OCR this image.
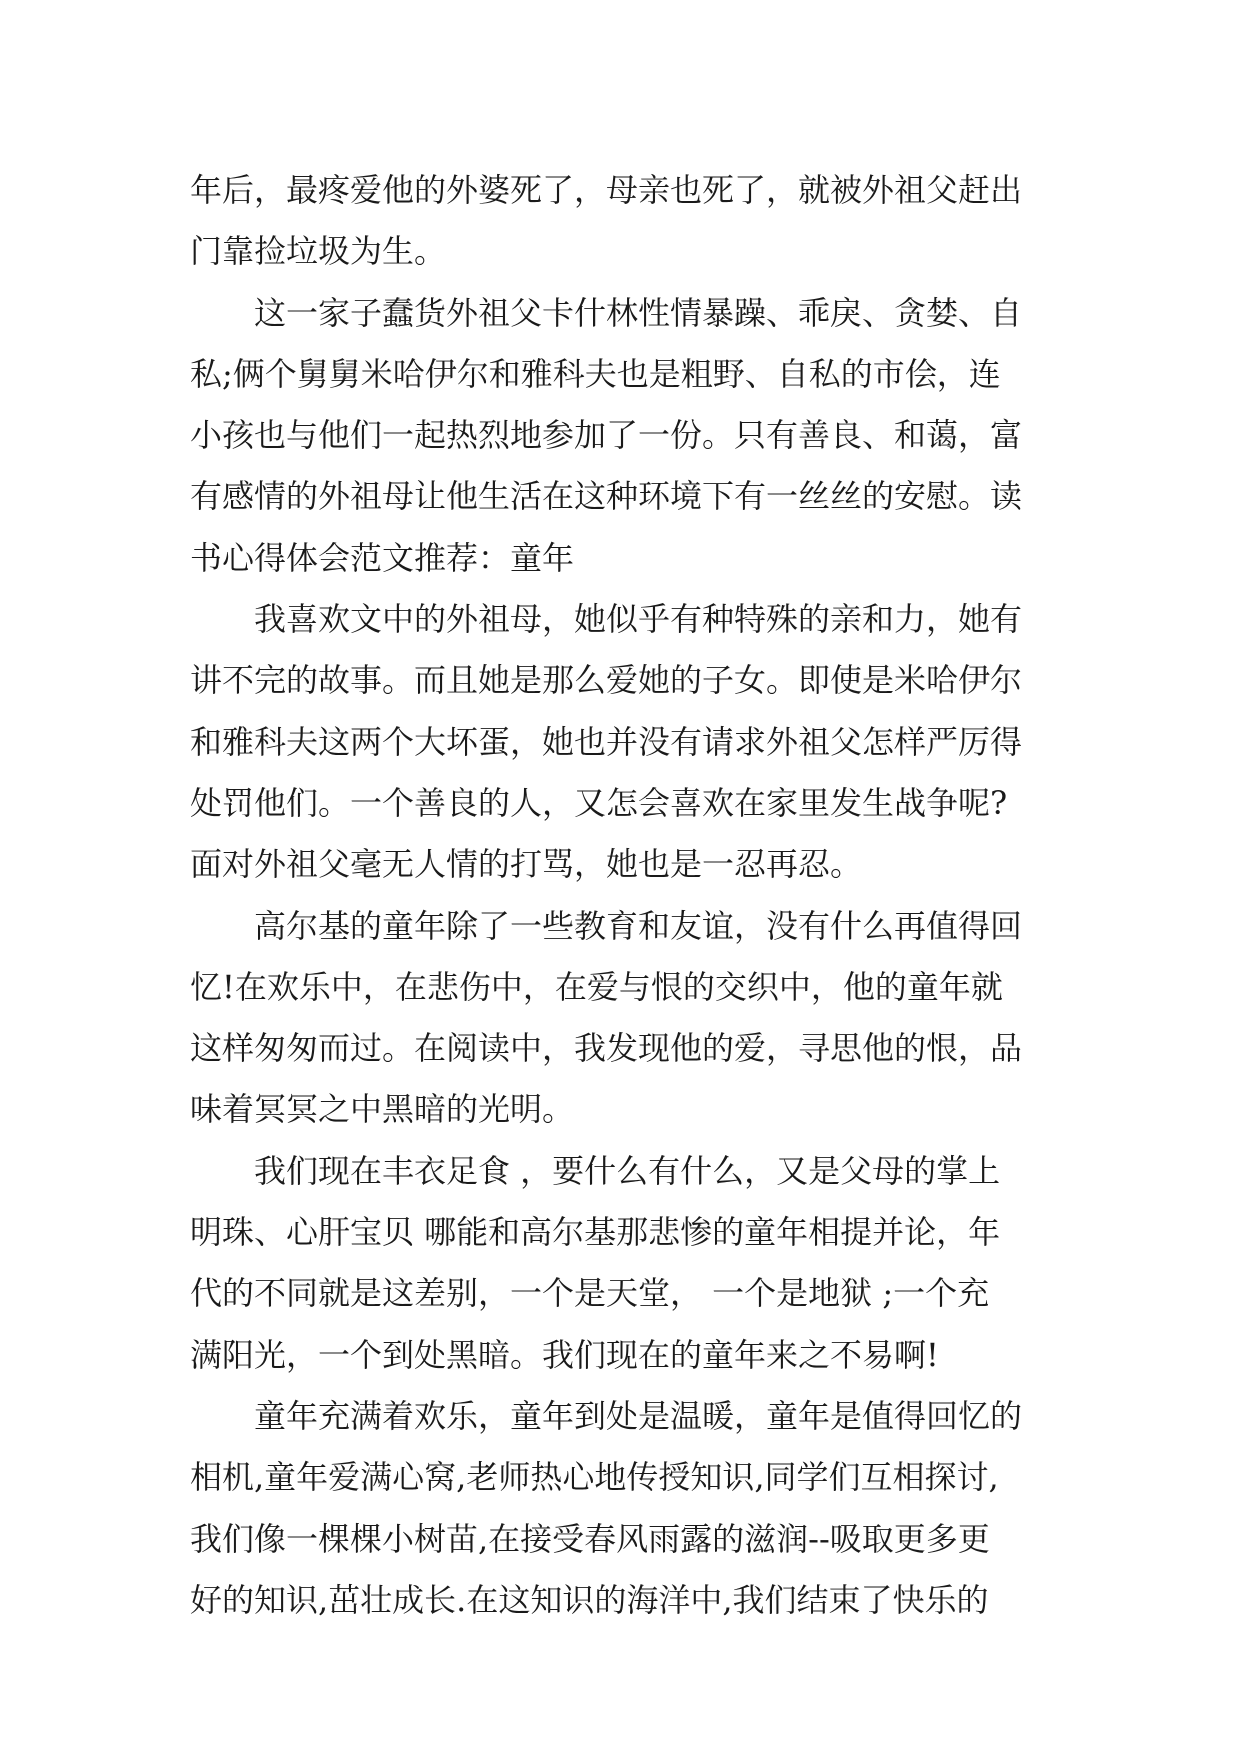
年后，最疼爱他的外婆死了，母亲也死了，就被外祖父赶出
门靠捡垃圾为生。
这一家子蠢货外祖父卡什林性情暴躁、乖戾、贪婪、自
私;俩个舅舅米哈伊尔和雅科夫也是粗野、自私的市侩，连
小孩也与他们一起热烈地参加了一份。只有善良、和蔼，富
有感情的外祖母让他生活在这种环境下有一丝丝的安慰。读
书心得体会范文推荐：童年
我喜欢文中的外祖母，她似乎有种特殊的亲和力，她有
讲不完的故事。而且她是那么爱她的子女。即使是米哈伊尔
和雅科夫这两个大坏蛋，她也并没有请求外祖父怎样严厉得
处罚他们。一个善良的人，又怎会喜欢在家里发生战争呢?
面对外祖父毫无人情的打骂，她也是一忍再忍。
高尔基的童年除了一些教育和友谊，没有什么再值得回
忆!在欢乐中，在悲伤中，在爱与恨的交织中，他的童年就
这样匆匆而过。在阅读中，我发现他的爱，寻思他的恨，品
味着冥冥之中黑暗的光明。
我们现在丰衣足食 ，要什么有什么，又是父母的掌上
明珠、心肝宝贝 哪能和高尔基那悲惨的童年相提并论，年
代的不同就是这差别，一个是天堂， 一个是地狱 ;一个充
满阳光，一个到处黑暗。我们现在的童年来之不易啊!
童年充满着欢乐，童年到处是温暖，童年是值得回忆的
相机,童年爱满心窝,老师热心地传授知识,同学们互相探讨,
我们像一棵棵小树苗,在接受春风雨露的滋润--吸取更多更
好的知识,茁壮成长.在这知识的海洋中,我们结束了快乐的
